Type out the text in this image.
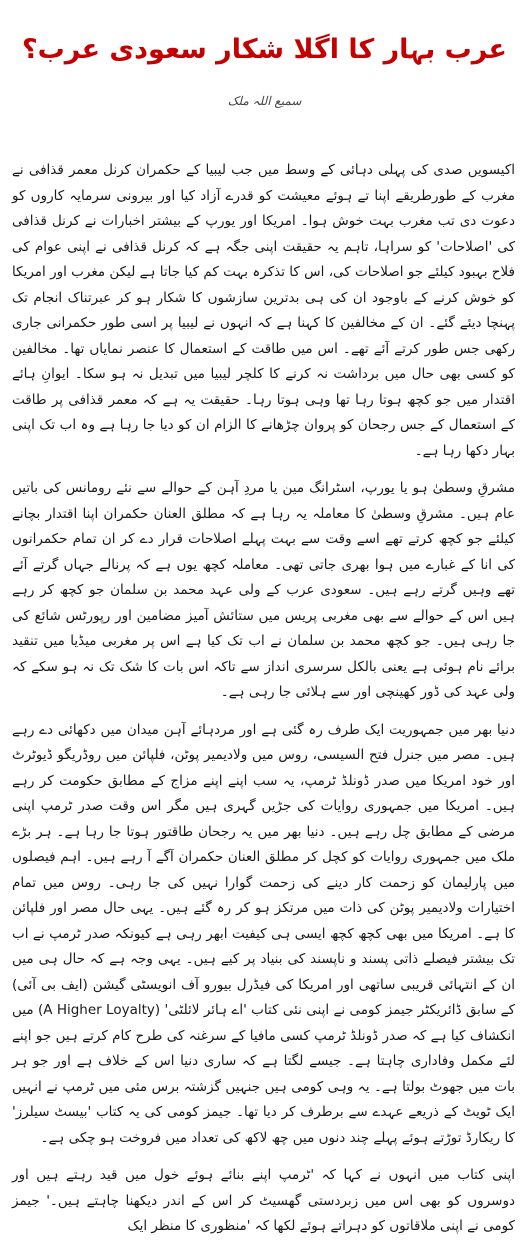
عرب بہار کا اگلا شکار سعودی عرب؟
سمیع اللہ ملک

اکیسویں صدی کی پہلی دہائی کے وسط میں جب لیبیا کے حکمران کرنل معمر قذافی نے مغرب کے طورطریقے اپنا تے ہوئے معیشت کو قدرے آزاد کیا اور بیرونی سرمایہ کاروں کو دعوت دی تب مغرب بہت خوش ہوا۔ امریکا اور یورپ کے بیشتر اخبارات نے کرنل قذافی کی 'اصلاحات' کو سراہا، تاہم یہ حقیقت اپنی جگہ ہے کہ کرنل قذافی نے اپنی عوام کی فلاح بہبود کیلئے جو اصلاحات کی، اس کا تذکرہ بہت کم کیا جاتا ہے لیکن مغرب اور امریکا کو خوش کرنے کے باوجود ان کی ہی بدترین سازشوں کا شکار ہو کر عبرتناک انجام تک پہنچا دیئے گئے۔ ان کے مخالفین کا کہنا ہے کہ انہوں نے لیبیا پر اسی طور حکمرانی جاری رکھی جس طور کرتے آئے تھے۔ اس میں طاقت کے استعمال کا عنصر نمایاں تھا۔ مخالفین کو کسی بھی حال میں برداشت نہ کرنے کا کلچر لیبیا میں تبدیل نہ ہو سکا۔ ایوانِ ہائے اقتدار میں جو کچھ ہوتا رہا تھا وہی ہوتا رہا۔ حقیقت یہ ہے کہ معمر قذافی پر طاقت کے استعمال کے جس رجحان کو پروان چڑھانے کا الزام ان کو دیا جا رہا ہے وہ اب تک اپنی بہار دکھا رہا ہے۔

مشرقِ وسطیٰ ہو یا یورپ، اسٹرانگ مین یا مردِ آہن کے حوالے سے نئے رومانس کی باتیں عام ہیں۔ مشرقِ وسطیٰ کا معاملہ یہ رہا ہے کہ مطلق العنان حکمران اپنا اقتدار بچانے کیلئے جو کچھ کرتے تھے اسے وقت سے بہت پہلے اصلاحات قرار دے کر ان تمام حکمرانوں کی انا کے غبارے میں ہوا بھری جاتی تھی۔ معاملہ کچھ یوں ہے کہ پرنالے جہاں گرتے آئے تھے وہیں گرتے رہے ہیں۔ سعودی عرب کے ولی عہد محمد بن سلمان جو کچھ کر رہے ہیں اس کے حوالے سے بھی مغربی پریس میں ستائش آمیز مضامین اور رپورٹس شائع کی جا رہی ہیں۔ جو کچھ محمد بن سلمان نے اب تک کیا ہے اس پر مغربی میڈیا میں تنقید برائے نام ہوئی ہے یعنی بالکل سرسری انداز سے تاکہ اس بات کا شک تک نہ ہو سکے کہ ولی عہد کی ڈور کھینچی اور سے ہلائی جا رہی ہے۔

دنیا بھر میں جمہوریت ایک طرف رہ گئی ہے اور مردہائے آہن میدان میں دکھائی دے رہے ہیں۔ مصر میں جنرل فتح السیسی، روس میں ولادیمیر پوٹن، فلپائن میں روڈریگو ڈیوٹرٹ اور خود امریکا میں صدر ڈونلڈ ٹرمپ، یہ سب اپنے اپنے مزاج کے مطابق حکومت کر رہے ہیں۔ امریکا میں جمہوری روایات کی جڑیں گہری ہیں مگر اس وقت صدر ٹرمپ اپنی مرضی کے مطابق چل رہے ہیں۔ دنیا بھر میں یہ رجحان طاقتور ہوتا جا رہا ہے۔ ہر بڑے ملک میں جمہوری روایات کو کچل کر مطلق العنان حکمران آگے آ رہے ہیں۔ اہم فیصلوں میں پارلیمان کو زحمت کار دینے کی زحمت گوارا نہیں کی جا رہی۔ روس میں تمام اختیارات ولادیمیر پوٹن کی ذات میں مرتکز ہو کر رہ گئے ہیں۔ یہی حال مصر اور فلپائن کا ہے۔ امریکا میں بھی کچھ کچھ ایسی ہی کیفیت ابھر رہی ہے کیونکہ صدر ٹرمپ نے اب تک بیشتر فیصلے ذاتی پسند و ناپسند کی بنیاد پر کیے ہیں۔ یہی وجہ ہے کہ حال ہی میں ان کے انتہائی قریبی ساتھی اور امریکا کی فیڈرل بیورو آف انویسٹی گیشن (ایف بی آئی) کے سابق ڈائریکٹر جیمز کومی نے اپنی نئی کتاب 'اے ہائر لائلٹی' (A Higher Loyalty) میں انکشاف کیا ہے کہ صدر ڈونلڈ ٹرمپ کسی مافیا کے سرغنہ کی طرح کام کرتے ہیں جو اپنے لئے مکمل وفاداری چاہتا ہے۔ جیسے لگتا ہے کہ ساری دنیا اس کے خلاف ہے اور جو ہر بات میں جھوٹ بولتا ہے۔ یہ وہی کومی ہیں جنہیں گزشتہ برس مئی میں ٹرمپ نے انہیں ایک ٹویٹ کے ذریعے عہدے سے برطرف کر دیا تھا۔ جیمز کومی کی یہ کتاب 'بیسٹ سیلرز' کا ریکارڈ توڑتے ہوئے پہلے چند دنوں میں چھ لاکھ کی تعداد میں فروخت ہو چکی ہے۔

اپنی کتاب میں انہوں نے کہا کہ 'ٹرمپ اپنے بنائے ہوئے خول میں قید رہتے ہیں اور دوسروں کو بھی اس میں زبردستی گھسیٹ کر اس کے اندر دیکھنا چاہتے ہیں۔' جیمز کومی نے اپنی ملاقاتوں کو دہراتے ہوئے لکھا کہ 'منظوری کا منظر ایک
